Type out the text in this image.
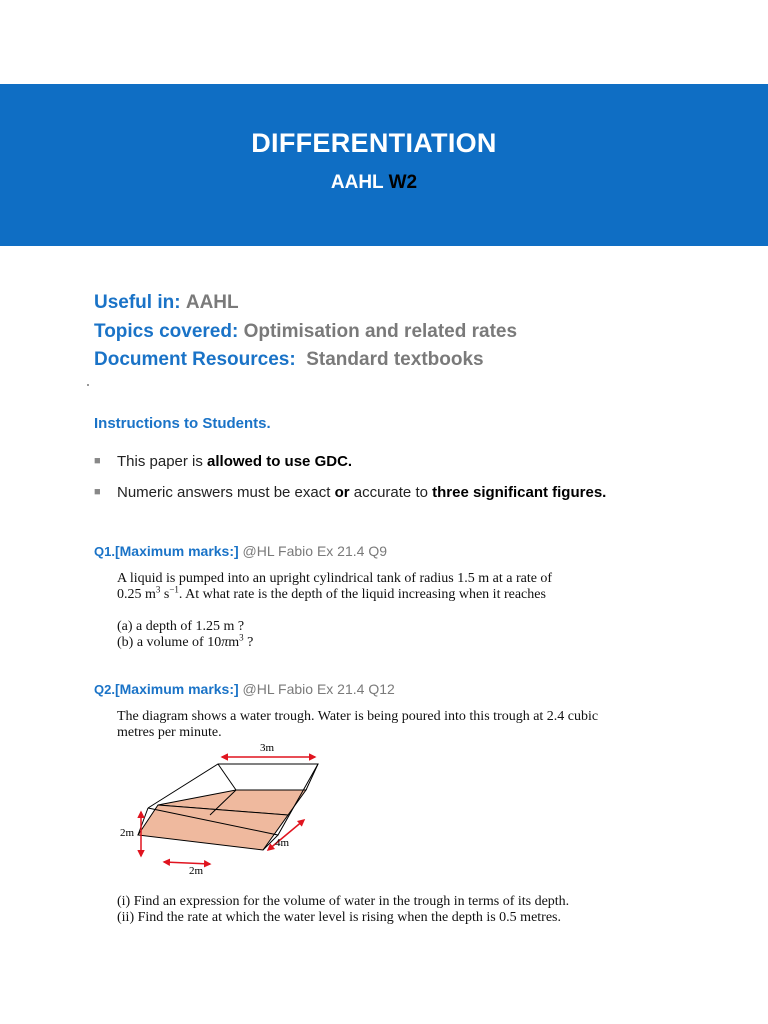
DIFFERENTIATION
AAHL W2
Useful in: AAHL
Topics covered: Optimisation and related rates
Document Resources: Standard textbooks
Instructions to Students.
■ This paper is allowed to use GDC.
■ Numeric answers must be exact or accurate to three significant figures.
Q1.[Maximum marks:] @HL Fabio Ex 21.4 Q9
A liquid is pumped into an upright cylindrical tank of radius 1.5 m at a rate of
0.25 $m^3$ $s^{-1}$. At what rate is the depth of the liquid increasing when it reaches
(a) a depth of 1.25 m ?
(b) a volume of $10\pi m^3$ ?
Q2.[Maximum marks:] @HL Fabio Ex 21.4 Q12
The diagram shows a water trough. Water is being poured into this trough at 2.4 cubic
metres per minute.
3m
4m
2m
2m
(i) Find an expression for the volume of water in the trough in terms of its depth.
(ii) Find the rate at which the water level is rising when the depth is 0.5 metres.
